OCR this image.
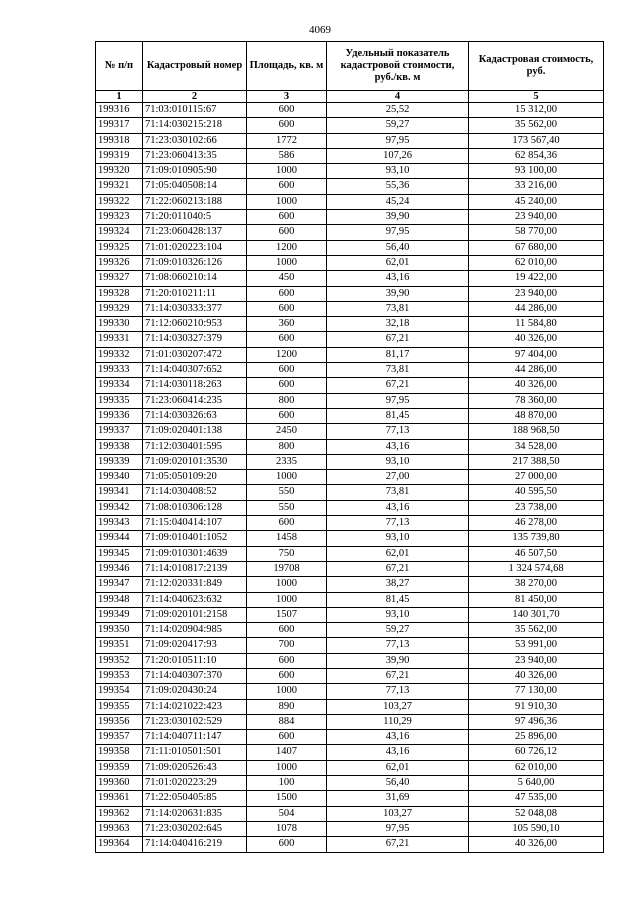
4069
№ п/п	Кадастровый номер	Площадь, кв. м	Удельный показатель кадастровой стоимости, руб./кв. м	Кадастровая стоимость, руб.
1	2	3	4	5
199316	71:03:010115:67	600	25,52	15 312,00
199317	71:14:030215:218	600	59,27	35 562,00
199318	71:23:030102:66	1772	97,95	173 567,40
199319	71:23:060413:35	586	107,26	62 854,36
199320	71:09:010905:90	1000	93,10	93 100,00
199321	71:05:040508:14	600	55,36	33 216,00
199322	71:22:060213:188	1000	45,24	45 240,00
199323	71:20:011040:5	600	39,90	23 940,00
199324	71:23:060428:137	600	97,95	58 770,00
199325	71:01:020223:104	1200	56,40	67 680,00
199326	71:09:010326:126	1000	62,01	62 010,00
199327	71:08:060210:14	450	43,16	19 422,00
199328	71:20:010211:11	600	39,90	23 940,00
199329	71:14:030333:377	600	73,81	44 286,00
199330	71:12:060210:953	360	32,18	11 584,80
199331	71:14:030327:379	600	67,21	40 326,00
199332	71:01:030207:472	1200	81,17	97 404,00
199333	71:14:040307:652	600	73,81	44 286,00
199334	71:14:030118:263	600	67,21	40 326,00
199335	71:23:060414:235	800	97,95	78 360,00
199336	71:14:030326:63	600	81,45	48 870,00
199337	71:09:020401:138	2450	77,13	188 968,50
199338	71:12:030401:595	800	43,16	34 528,00
199339	71:09:020101:3530	2335	93,10	217 388,50
199340	71:05:050109:20	1000	27,00	27 000,00
199341	71:14:030408:52	550	73,81	40 595,50
199342	71:08:010306:128	550	43,16	23 738,00
199343	71:15:040414:107	600	77,13	46 278,00
199344	71:09:010401:1052	1458	93,10	135 739,80
199345	71:09:010301:4639	750	62,01	46 507,50
199346	71:14:010817:2139	19708	67,21	1 324 574,68
199347	71:12:020331:849	1000	38,27	38 270,00
199348	71:14:040623:632	1000	81,45	81 450,00
199349	71:09:020101:2158	1507	93,10	140 301,70
199350	71:14:020904:985	600	59,27	35 562,00
199351	71:09:020417:93	700	77,13	53 991,00
199352	71:20:010511:10	600	39,90	23 940,00
199353	71:14:040307:370	600	67,21	40 326,00
199354	71:09:020430:24	1000	77,13	77 130,00
199355	71:14:021022:423	890	103,27	91 910,30
199356	71:23:030102:529	884	110,29	97 496,36
199357	71:14:040711:147	600	43,16	25 896,00
199358	71:11:010501:501	1407	43,16	60 726,12
199359	71:09:020526:43	1000	62,01	62 010,00
199360	71:01:020223:29	100	56,40	5 640,00
199361	71:22:050405:85	1500	31,69	47 535,00
199362	71:14:020631:835	504	103,27	52 048,08
199363	71:23:030202:645	1078	97,95	105 590,10
199364	71:14:040416:219	600	67,21	40 326,00
